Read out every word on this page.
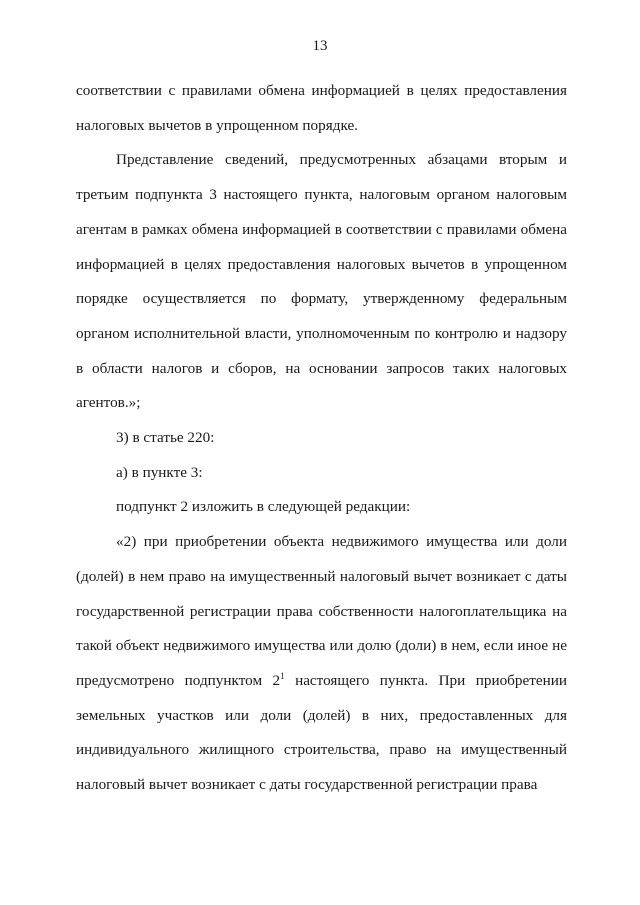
13

соответствии с правилами обмена информацией в целях предоставления налоговых вычетов в упрощенном порядке.

Представление сведений, предусмотренных абзацами вторым и третьим подпункта 3 настоящего пункта, налоговым органом налоговым агентам в рамках обмена информацией в соответствии с правилами обмена информацией в целях предоставления налоговых вычетов в упрощенном порядке осуществляется по формату, утвержденному федеральным органом исполнительной власти, уполномоченным по контролю и надзору в области налогов и сборов, на основании запросов таких налоговых агентов.»;

3) в статье 220:

а) в пункте 3:

подпункт 2 изложить в следующей редакции:

«2) при приобретении объекта недвижимого имущества или доли (долей) в нем право на имущественный налоговый вычет возникает с даты государственной регистрации права собственности налогоплательщика на такой объект недвижимого имущества или долю (доли) в нем, если иное не предусмотрено подпунктом $2^1$ настоящего пункта. При приобретении земельных участков или доли (долей) в них, предоставленных для индивидуального жилищного строительства, право на имущественный налоговый вычет возникает с даты государственной регистрации права
